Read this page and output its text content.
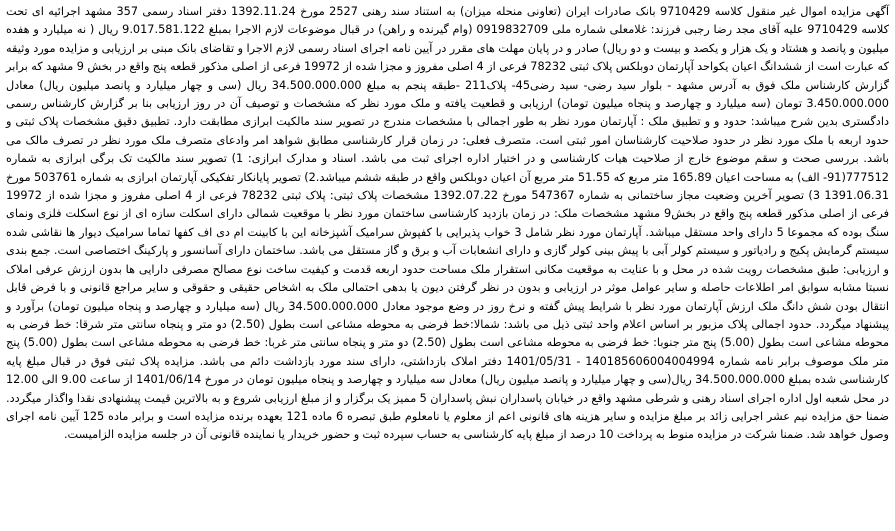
آگهی مزایده اموال غیر منقول کلاسه 9710429 بانک صادرات ایران (تعاونی منحله میزان) به استناد سند رهنی 2527 مورخ 1392.11.24 دفتر اسناد رسمی 357 مشهد اجرائیه ای تحت کلاسه 9710429 علیه آقای مجد رضا رجبی فرزند: غلامعلی شماره ملی 0919832709 (وام گیرنده و راهن) در قبال موضوعات لازم الاجرا بمبلغ 9.017.581.122 ریال ( نه میلیارد و هفده میلیون و پانصد و هشتاد و یک هزار و یکصد و بیست و دو ریال) صادر و در پایان مهلت های مقرر در آیین نامه اجرای اسناد رسمی لازم الاجرا و تقاضای بانک مبنی بر ارزیابی و مزایده مورد وثیقه که عبارت است از ششدانگ اعیان یکواحد آپارتمان دوبلکس پلاک ثبتی 78232 فرعی از 4 اصلی مفروز و مجزا شده از 19972 فرعی از اصلی مذکور قطعه پنج واقع در بخش 9 مشهد که برابر گزارش کارشناس ملک فوق به آدرس مشهد - بلوار سید رضی- سید رضی45- پلاک211 -طبقه پنجم به مبلغ 34.500.000.000 ریال (سی و چهار میلیارد و پانصد میلیون ریال) معادل 3.450.000.000 تومان (سه میلیارد و چهارصد و پنجاه میلیون تومان) ارزیابی و قطعیت یافته و ملک مورد نظر که مشخصات و توصیف آن در روز ارزیابی بنا بر گزارش کارشناس رسمی دادگستری بدین شرح میباشد: حدود و و تطبیق ملک : آپارتمان مورد نظر به طور اجمالی با مشخصات مندرج در تصویر سند مالکیت ابرازی مطابقت دارد. تطبیق دقیق مشخصات پلاک ثبتی و حدود اربعه با ملک مورد نظر در حدود صلاحیت کارشناسان امور ثبتی است. متصرف فعلی: در زمان قرار کارشناسی مطابق شواهد امر وادعای متصرف ملک مورد نظر در تصرف مالک می باشد. بررسی صحت و سقم موضوع خارج از صلاحیت هیات کارشناسی و در اختیار اداره اجرای ثبت می باشد. اسناد و مدارک ابرازی: 1) تصویر سند مالکیت تک برگی ابرازی به شماره 777512(91- الف) به مساحت اعیان 165.89 متر مربع که 51.55 متر مربع آن اعیان دوبلکس واقع در طبقه ششم میباشد.2) تصویر پایانکار تفکیکی آپارتمان ابرازی به شماره 503761 مورخ 1391.06.31 3) تصویر آخرین وضعیت مجاز ساختمانی به شماره 547367 مورخ 1392.07.22 مشخصات پلاک ثبتی: پلاک ثبتی 78232 فرعی از 4 اصلی مفروز و مجزا شده از 19972 فرعی از اصلی مذکور قطعه پنج واقع در بخش9 مشهد مشخصات ملک: در زمان بازدید کارشناسی ساختمان مورد نظر با موقعیت شمالی دارای اسکلت سازه ای از نوع اسکلت فلزی ونمای سنگ بوده که مجموعا 5 دارای واحد مستقل میباشد. آپارتمان مورد نظر شامل 3 خواب پذیرایی با کفپوش سرامیک آشپزخانه این با کابینت ام دی اف کفها تماما سرامیک دیوار ها نقاشی شده سیستم گرمایش پکیج و رادیاتور و سیستم کولر آبی با پیش بینی کولر گازی و دارای انشعابات آب و برق و گاز مستقل می باشد. ساختمان دارای آسانسور و پارکینگ اختصاصی است. جمع بندی و ارزیابی: طبق مشخصات رویت شده در محل و با عنایت به موقعیت مکانی استقرار ملک مساحت حدود اربعه قدمت و کیفیت ساخت نوع مصالح مصرفی دارایی ها بدون ارزش عرفی املاک نسبتا مشابه سوابق امر اطلاعات حاصله و سایر عوامل موثر در ارزیابی و بدون در نظر گرفتن دیون یا بدهی احتمالی ملک به اشخاص حقیقی و حقوقی و سایر مراجع قانونی و با فرض قابل انتقال بودن شش دانگ ملک ارزش آپارتمان مورد نظر با شرایط پیش گفته و نرخ روز در وضع موجود معادل 34.500.000.000 ریال (سه میلیارد و چهارصد و پنجاه میلیون تومان) برآورد و پیشنهاد میگردد. حدود اجمالی پلاک مزبور بر اساس اعلام واحد ثبتی ذیل می باشد: شمالا:خط فرضی به محوطه مشاعی است بطول (2.50) دو متر و پنجاه سانتی متر شرقا: خط فرضی به محوطه مشاعی است بطول (5.00) پنج متر جنوبا: خط فرضی به محوطه مشاعی است بطول (2.50) دو متر و پنجاه سانتی متر غربا: خط فرضی به محوطه مشاعی است بطول (5.00) پنج متر ملک موصوف برابر نامه شماره 140185606004004994 - 1401/05/31 دفتر املاک بازداشتی، دارای سند مورد بازداشت دائم می باشد. مزایده پلاک ثبتی فوق در قبال مبلغ پایه کارشناسی شده بمبلغ 34.500.000.000 ریال(سی و چهار میلیارد و پانصد میلیون ریال) معادل سه میلیارد و چهارصد و پنجاه میلیون تومان در مورخ 1401/06/14 از ساعت 9.00 الی 12.00 در محل شعبه اول اداره اجرای اسناد رهنی و شرطی مشهد واقع در خیابان پاسداران نبش پاسداران 5 ممیز یک برگزار و از مبلغ ارزیابی شروع و به بالاترین قیمت پیشنهادی نقدا واگذار میگردد. ضمنا حق مزایده نیم عشر اجرایی زائد بر مبلغ مزایده و سایر هزینه های قانونی اعم از معلوم یا نامعلوم طبق تبصره 6 ماده 121 بعهده برنده مزایده است و برابر ماده 125 آیین نامه اجرای وصول خواهد شد. ضمنا شرکت در مزایده منوط به پرداخت 10 درصد از مبلغ پایه کارشناسی به حساب سپرده ثبت و حضور خریدار یا نماینده قانونی آن در جلسه مزایده الزامیست.
